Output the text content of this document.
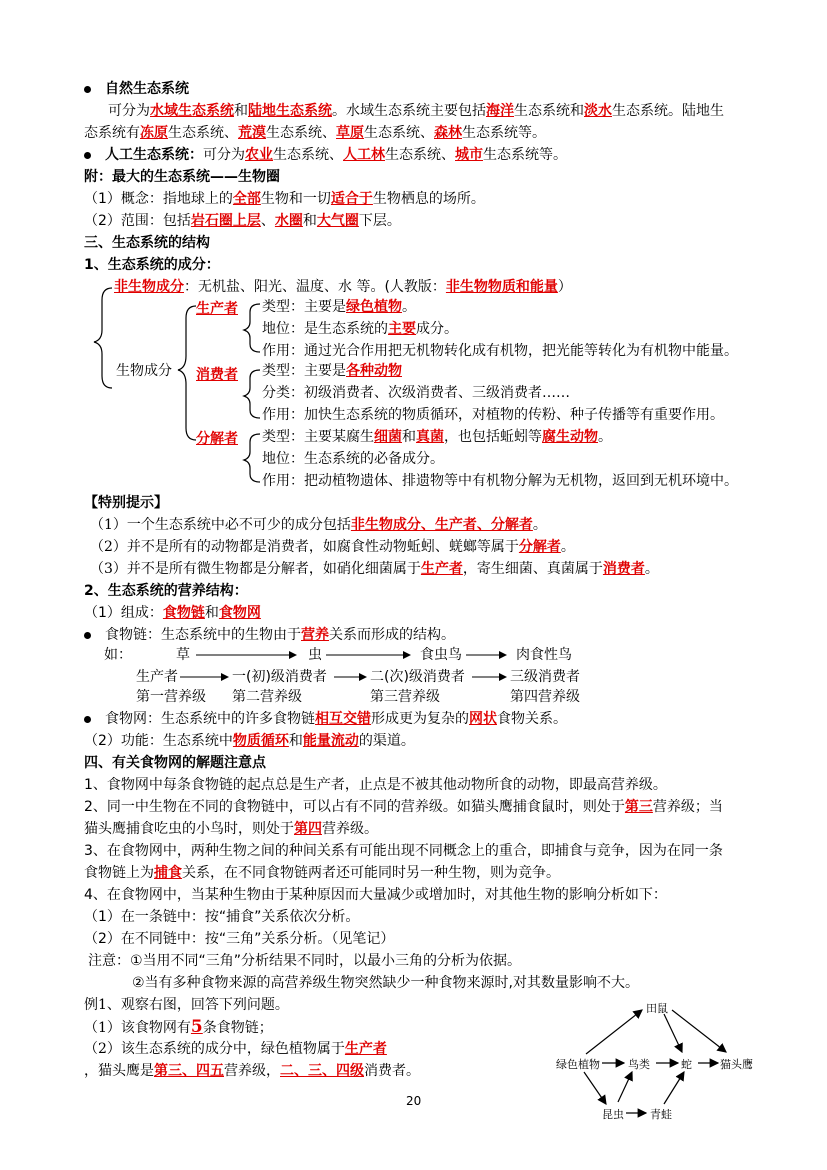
自然生态系统
可分为水域生态系统和陆地生态系统。水域生态系统主要包括海洋生态系统和淡水生态系统。陆地生
态系统有冻原生态系统、荒漠生态系统、草原生态系统、森林生态系统等。
人工生态系统：可分为农业生态系统、人工林生态系统、城市生态系统等。
附：最大的生态系统——生物圈
（1）概念：指地球上的全部生物和一切适合于生物栖息的场所。
（2）范围：包括岩石圈上层、水圈和大气圈下层。
三、生态系统的结构
1、生态系统的成分：
非生物成分：无机盐、阳光、温度、水 等。(人教版：非生物物质和能量）
生物成分
生产者 类型：主要是绿色植物。
地位：是生态系统的主要成分。
作用：通过光合作用把无机物转化成有机物，把光能等转化为有机物中能量。
消费者 类型：主要是各种动物
分类：初级消费者、次级消费者、三级消费者……
作用：加快生态系统的物质循环，对植物的传粉、种子传播等有重要作用。
分解者 类型：主要某腐生细菌和真菌，也包括蚯蚓等腐生动物。
地位：生态系统的必备成分。
作用：把动植物遗体、排遗物等中有机物分解为无机物，返回到无机环境中。
【特别提示】
（1）一个生态系统中必不可少的成分包括非生物成分、生产者、分解者。
（2）并不是所有的动物都是消费者，如腐食性动物蚯蚓、蜣螂等属于分解者。
（3）并不是所有微生物都是分解者，如硝化细菌属于生产者，寄生细菌、真菌属于消费者。
2、生态系统的营养结构：
（1）组成：食物链和食物网
食物链：生态系统中的生物由于营养关系而形成的结构。
如：	草	虫	食虫鸟	肉食性鸟
生产者	一(初)级消费者	二(次)级消费者	三级消费者
第一营养级 第二营养级	第三营养级	第四营养级
食物网：生态系统中的许多食物链相互交错形成更为复杂的网状食物关系。
（2）功能：生态系统中物质循环和能量流动的渠道。
四、有关食物网的解题注意点
1、食物网中每条食物链的起点总是生产者，止点是不被其他动物所食的动物，即最高营养级。
2、同一中生物在不同的食物链中，可以占有不同的营养级。如猫头鹰捕食鼠时，则处于第三营养级；当
猫头鹰捕食吃虫的小鸟时，则处于第四营养级。
3、在食物网中，两种生物之间的种间关系有可能出现不同概念上的重合，即捕食与竞争，因为在同一条
食物链上为捕食关系，在不同食物链两者还可能同时另一种生物，则为竞争。
4、在食物网中，当某种生物由于某种原因而大量减少或增加时，对其他生物的影响分析如下：
（1）在一条链中：按“捕食”关系依次分析。
（2）在不同链中：按“三角”关系分析。（见笔记）
注意：①当用不同“三角”分析结果不同时，以最小三角的分析为依据。
②当有多种食物来源的高营养级生物突然缺少一种食物来源时,对其数量影响不大。
例1、观察右图，回答下列问题。
（1）该食物网有5条食物链；
（2）该生态系统的成分中，绿色植物属于生产者
，猫头鹰是第三、四五营养级，二、三、四级消费者。
20
绿色植物
田鼠
鸟类	蛇	猫头鹰
昆虫 青蛙
